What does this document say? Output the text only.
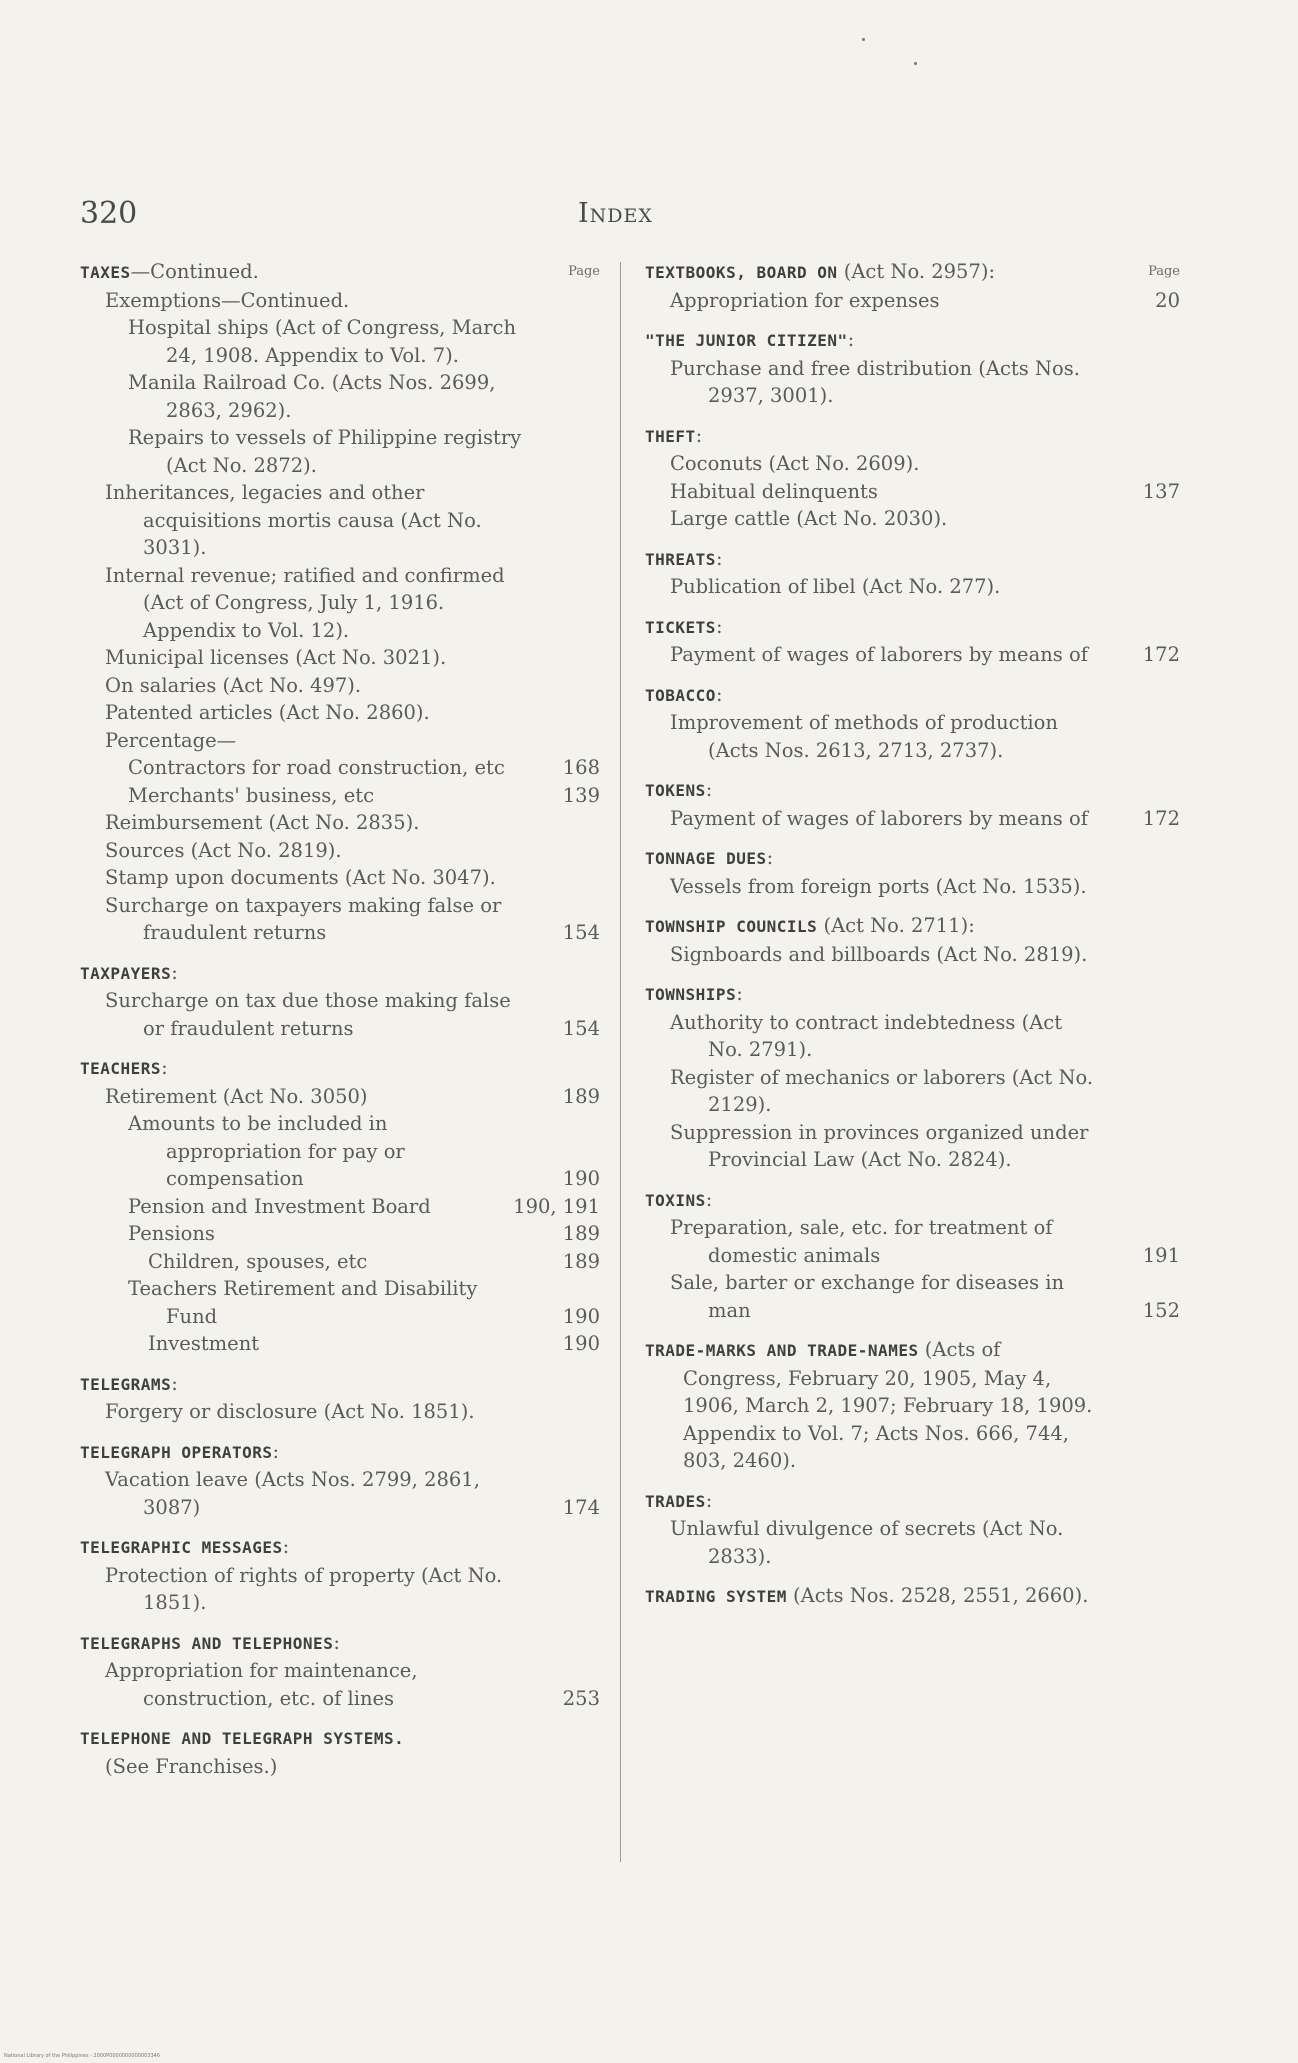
320	Index
Page
TAXES—Continued.
Exemptions—Continued.
Hospital ships (Act of Congress, March 24, 1908. Appendix to Vol. 7).
Manila Railroad Co. (Acts Nos. 2699, 2863, 2962).
Repairs to vessels of Philippine registry (Act No. 2872).
Inheritances, legacies and other acquisitions mortis causa (Act No. 3031).
Internal revenue; ratified and confirmed (Act of Congress, July 1, 1916. Appendix to Vol. 12).
Municipal licenses (Act No. 3021).
On salaries (Act No. 497).
Patented articles (Act No. 2860).
Percentage—
Contractors for road construction, etc	168
Merchants' business, etc	139
Reimbursement (Act No. 2835).
Sources (Act No. 2819).
Stamp upon documents (Act No. 3047).
Surcharge on taxpayers making false or fraudulent returns	154
TAXPAYERS:
Surcharge on tax due those making false or fraudulent returns	154
TEACHERS:
Retirement (Act No. 3050)	189
Amounts to be included in appropriation for pay or compensation	190
Pension and Investment Board	190, 191
Pensions	189
Children, spouses, etc	189
Teachers Retirement and Disability Fund	190
Investment	190
TELEGRAMS:
Forgery or disclosure (Act No. 1851).
TELEGRAPH OPERATORS:
Vacation leave (Acts Nos. 2799, 2861, 3087)	174
TELEGRAPHIC MESSAGES:
Protection of rights of property (Act No. 1851).
TELEGRAPHS AND TELEPHONES:
Appropriation for maintenance, construction, etc. of lines	253
TELEPHONE AND TELEGRAPH SYSTEMS.
(See Franchises.)
Page
TEXTBOOKS, BOARD ON (Act No. 2957):
Appropriation for expenses	20
"THE JUNIOR CITIZEN":
Purchase and free distribution (Acts Nos. 2937, 3001).
THEFT:
Coconuts (Act No. 2609).
Habitual delinquents	137
Large cattle (Act No. 2030).
THREATS:
Publication of libel (Act No. 277).
TICKETS:
Payment of wages of laborers by means of	172
TOBACCO:
Improvement of methods of production (Acts Nos. 2613, 2713, 2737).
TOKENS:
Payment of wages of laborers by means of	172
TONNAGE DUES:
Vessels from foreign ports (Act No. 1535).
TOWNSHIP COUNCILS (Act No. 2711):
Signboards and billboards (Act No. 2819).
TOWNSHIPS:
Authority to contract indebtedness (Act No. 2791).
Register of mechanics or laborers (Act No. 2129).
Suppression in provinces organized under Provincial Law (Act No. 2824).
TOXINS:
Preparation, sale, etc. for treatment of domestic animals	191
Sale, barter or exchange for diseases in man	152
TRADE-MARKS AND TRADE-NAMES (Acts of Congress, February 20, 1905, May 4, 1906, March 2, 1907; February 18, 1909. Appendix to Vol. 7; Acts Nos. 666, 744, 803, 2460).
TRADES:
Unlawful divulgence of secrets (Act No. 2833).
TRADING SYSTEM (Acts Nos. 2528, 2551, 2660).
National Library of the Philippines · 2000P0000000000003346
